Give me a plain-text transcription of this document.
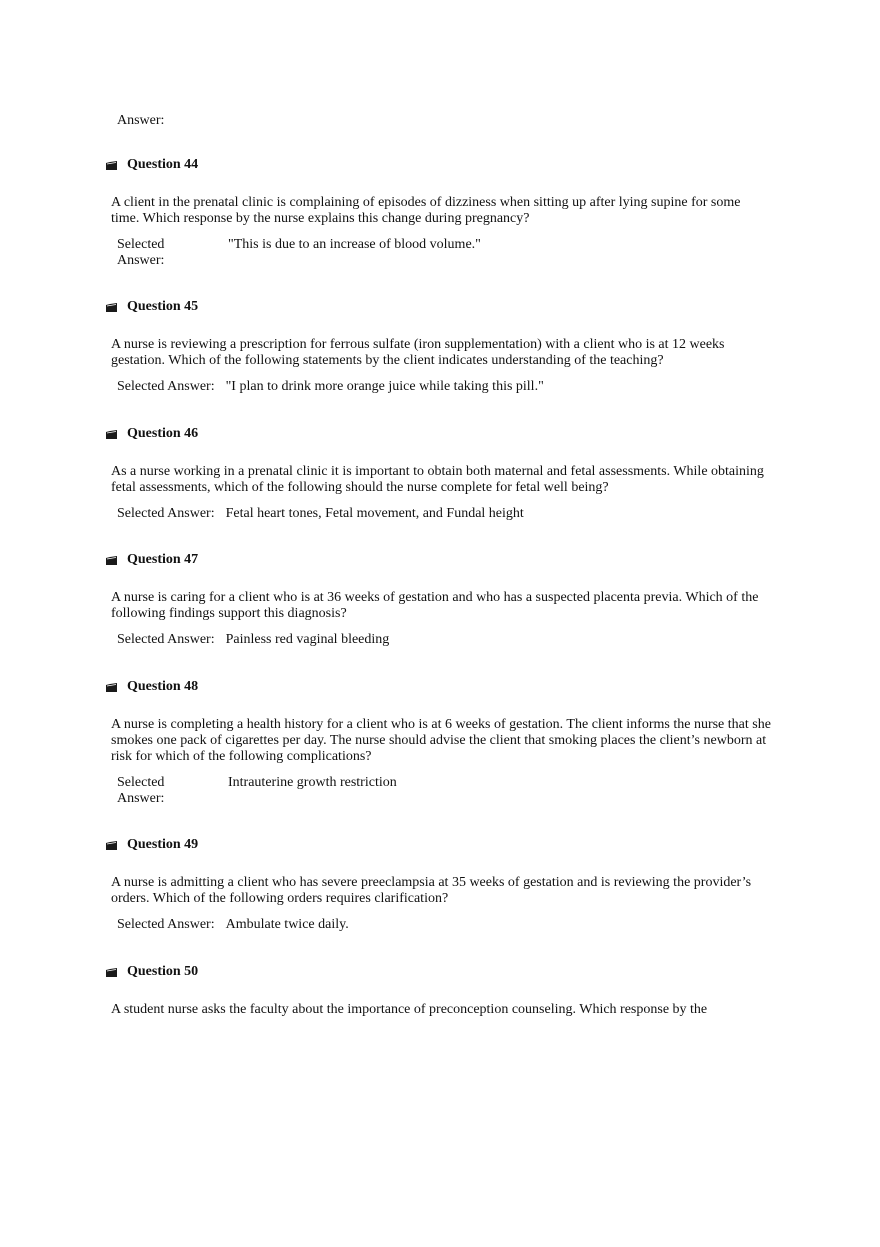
Answer:
Question 44
A client in the prenatal clinic is complaining of episodes of dizziness when sitting up after lying supine for some time. Which response by the nurse explains this change during pregnancy?
Selected
Answer:
"This is due to an increase of blood volume."
Question 45
A nurse is reviewing a prescription for ferrous sulfate (iron supplementation) with a client who is at 12 weeks gestation. Which of the following statements by the client indicates understanding of the teaching?
Selected Answer: "I plan to drink more orange juice while taking this pill."
Question 46
As a nurse working in a prenatal clinic it is important to obtain both maternal and fetal assessments. While obtaining fetal assessments, which of the following should the nurse complete for fetal well being?
Selected Answer: Fetal heart tones, Fetal movement, and Fundal height
Question 47
A nurse is caring for a client who is at 36 weeks of gestation and who has a suspected placenta previa. Which of the following findings support this diagnosis?
Selected Answer: Painless red vaginal bleeding
Question 48
A nurse is completing a health history for a client who is at 6 weeks of gestation. The client informs the nurse that she smokes one pack of cigarettes per day. The nurse should advise the client that smoking places the client’s newborn at risk for which of the following complications?
Selected
Answer:
Intrauterine growth restriction
Question 49
A nurse is admitting a client who has severe preeclampsia at 35 weeks of gestation and is reviewing the provider’s orders. Which of the following orders requires clarification?
Selected Answer: Ambulate twice daily.
Question 50
A student nurse asks the faculty about the importance of preconception counseling. Which response by the
